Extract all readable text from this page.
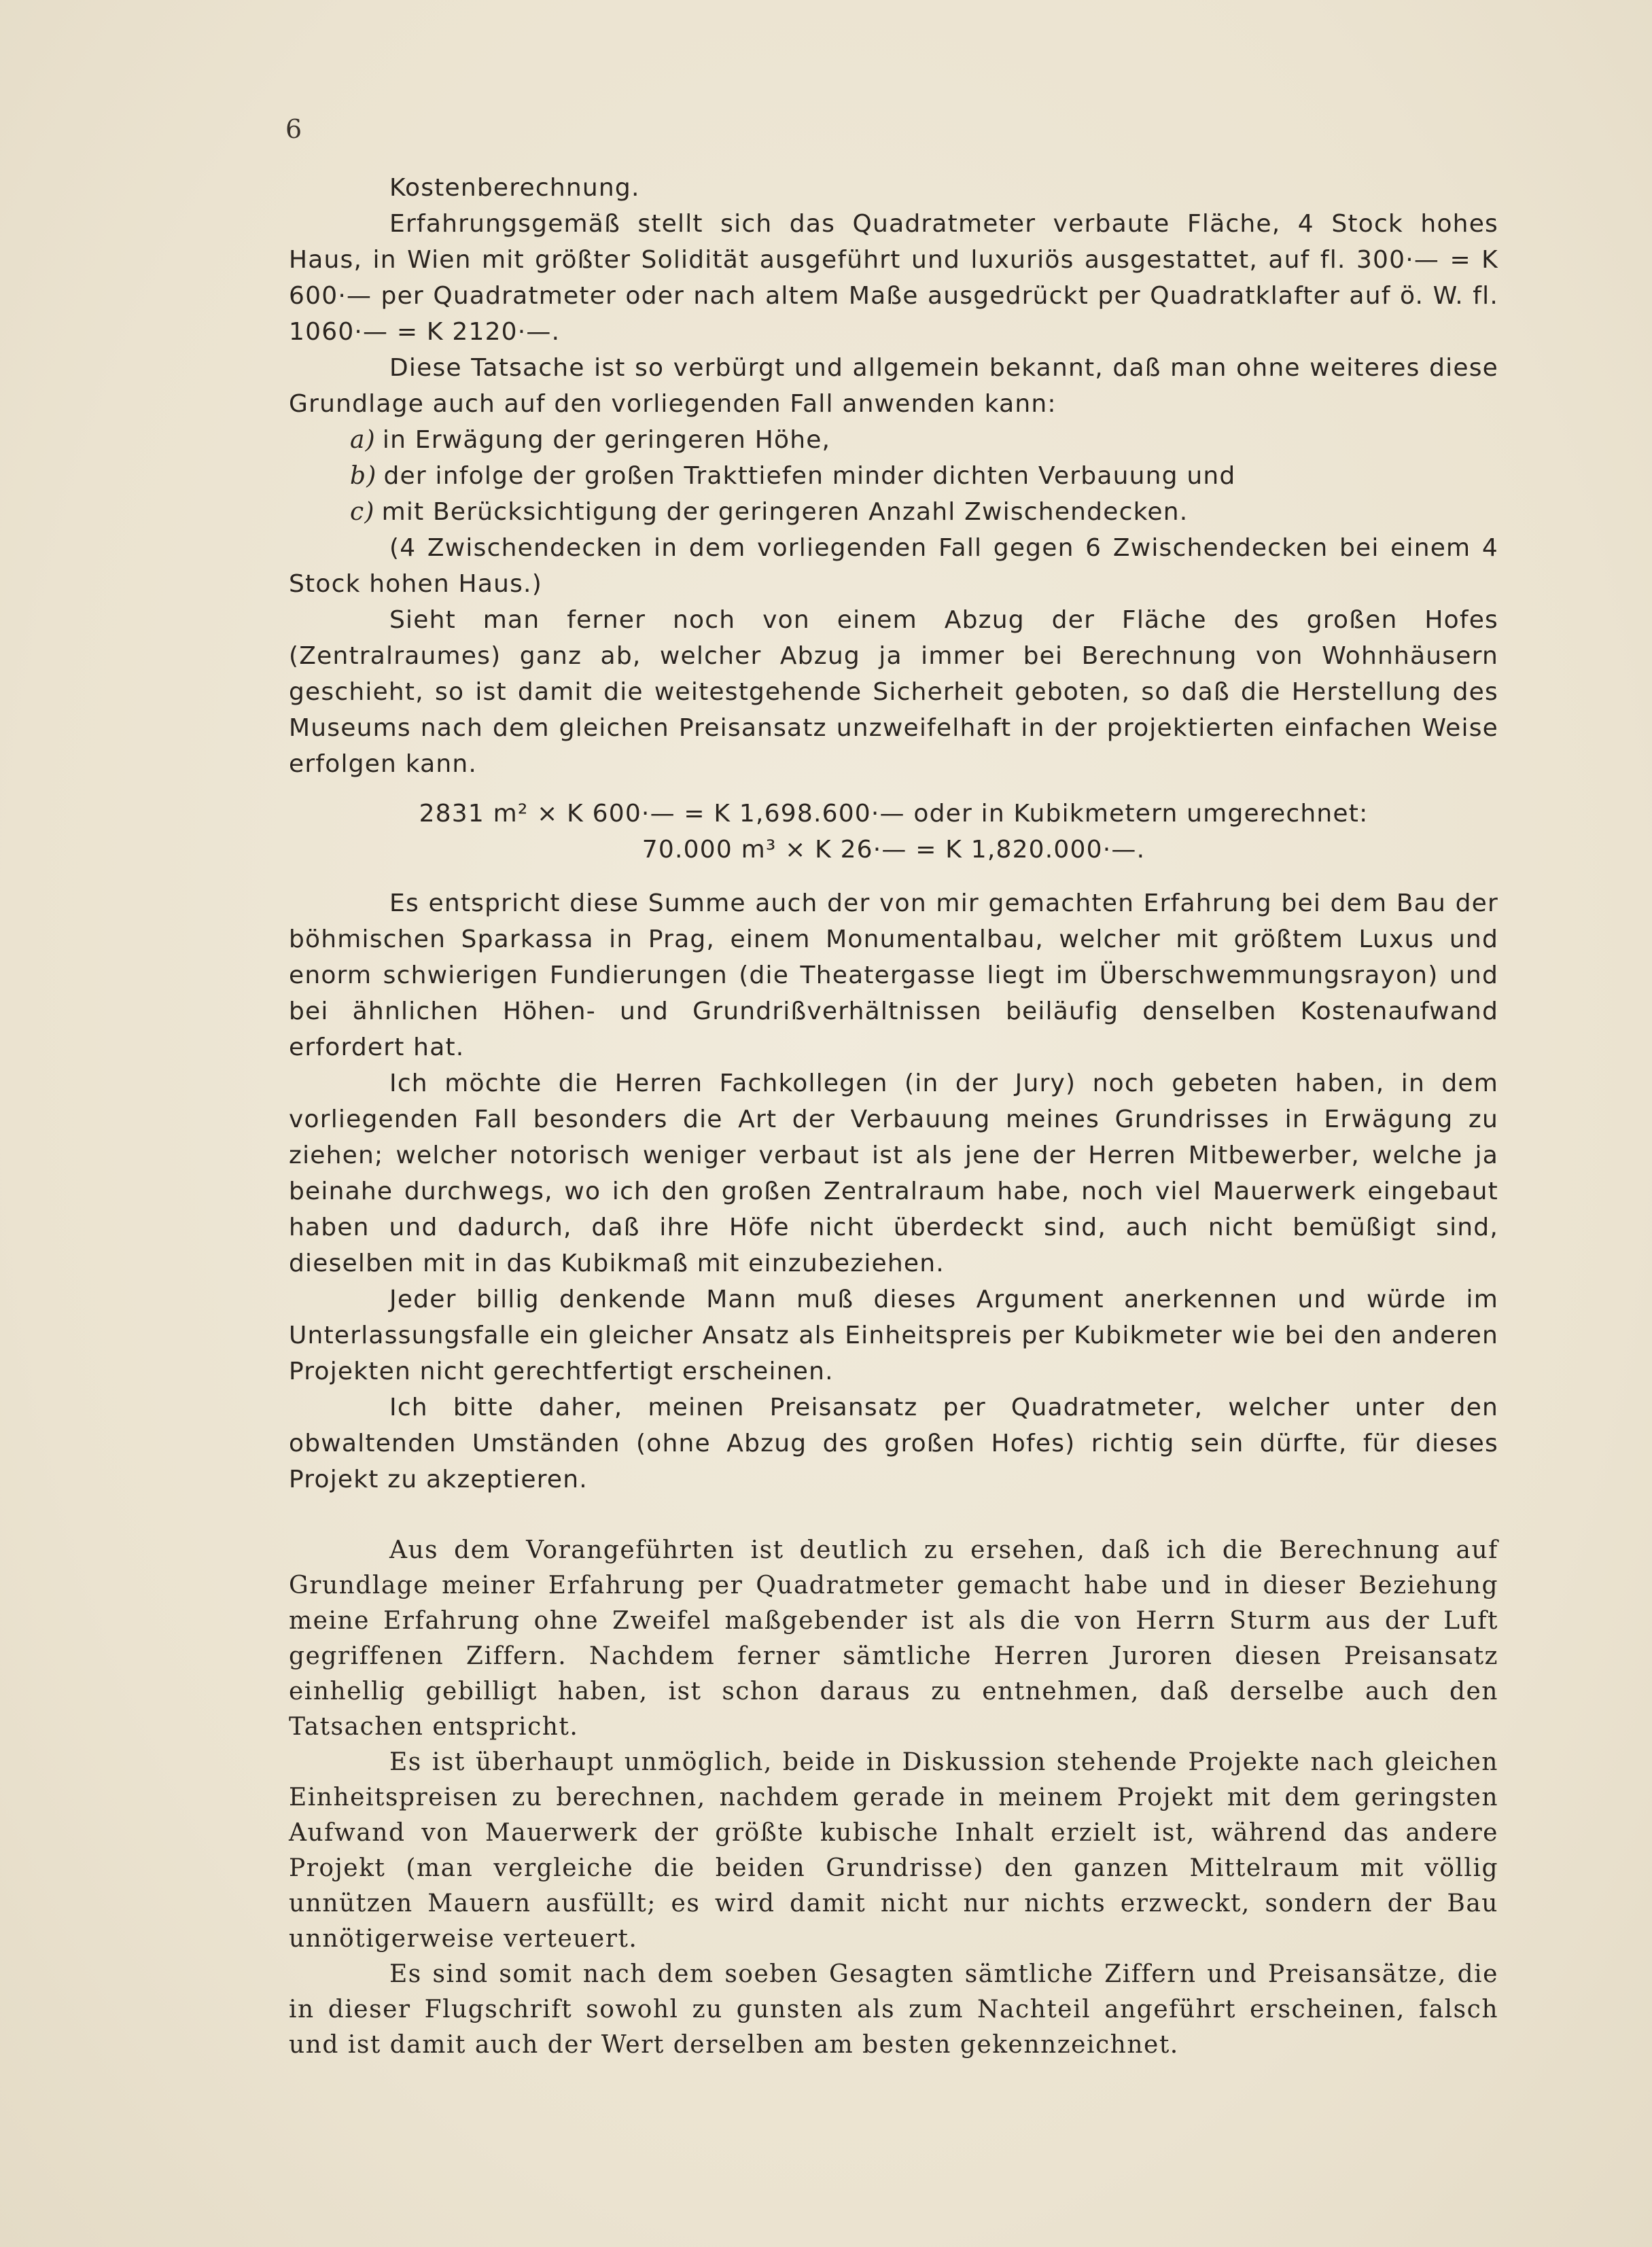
6

Kostenberechnung.

Erfahrungsgemäß stellt sich das Quadratmeter verbaute Fläche, 4 Stock hohes Haus, in Wien mit größter Solidität ausgeführt und luxuriös ausgestattet, auf fl. 300·— = K 600·— per Quadratmeter oder nach altem Maße ausgedrückt per Quadratklafter auf ö. W. fl. 1060·— = K 2120·—.

Diese Tatsache ist so verbürgt und allgemein bekannt, daß man ohne weiteres diese Grundlage auch auf den vorliegenden Fall anwenden kann:

a) in Erwägung der geringeren Höhe,

b) der infolge der großen Trakttiefen minder dichten Verbauung und

c) mit Berücksichtigung der geringeren Anzahl Zwischendecken.

(4 Zwischendecken in dem vorliegenden Fall gegen 6 Zwischendecken bei einem 4 Stock hohen Haus.)

Sieht man ferner noch von einem Abzug der Fläche des großen Hofes (Zentralraumes) ganz ab, welcher Abzug ja immer bei Berechnung von Wohnhäusern geschieht, so ist damit die weitestgehende Sicherheit geboten, so daß die Herstellung des Museums nach dem gleichen Preisansatz unzweifelhaft in der projektierten einfachen Weise erfolgen kann.

2831 m² × K 600·— = K 1,698.600·— oder in Kubikmetern umgerechnet:
70.000 m³ × K 26·— = K 1,820.000·—.

Es entspricht diese Summe auch der von mir gemachten Erfahrung bei dem Bau der böhmischen Sparkassa in Prag, einem Monumentalbau, welcher mit größtem Luxus und enorm schwierigen Fundierungen (die Theatergasse liegt im Überschwemmungsrayon) und bei ähnlichen Höhen- und Grundrißverhältnissen beiläufig denselben Kostenaufwand erfordert hat.

Ich möchte die Herren Fachkollegen (in der Jury) noch gebeten haben, in dem vorliegenden Fall besonders die Art der Verbauung meines Grundrisses in Erwägung zu ziehen; welcher notorisch weniger verbaut ist als jene der Herren Mitbewerber, welche ja beinahe durchwegs, wo ich den großen Zentralraum habe, noch viel Mauerwerk eingebaut haben und dadurch, daß ihre Höfe nicht überdeckt sind, auch nicht bemüßigt sind, dieselben mit in das Kubikmaß mit einzubeziehen.

Jeder billig denkende Mann muß dieses Argument anerkennen und würde im Unterlassungsfalle ein gleicher Ansatz als Einheitspreis per Kubikmeter wie bei den anderen Projekten nicht gerechtfertigt erscheinen.

Ich bitte daher, meinen Preisansatz per Quadratmeter, welcher unter den obwaltenden Umständen (ohne Abzug des großen Hofes) richtig sein dürfte, für dieses Projekt zu akzeptieren.

Aus dem Vorangeführten ist deutlich zu ersehen, daß ich die Berechnung auf Grundlage meiner Erfahrung per Quadratmeter gemacht habe und in dieser Beziehung meine Erfahrung ohne Zweifel maßgebender ist als die von Herrn Sturm aus der Luft gegriffenen Ziffern. Nachdem ferner sämtliche Herren Juroren diesen Preisansatz einhellig gebilligt haben, ist schon daraus zu entnehmen, daß derselbe auch den Tatsachen entspricht.

Es ist überhaupt unmöglich, beide in Diskussion stehende Projekte nach gleichen Einheitspreisen zu berechnen, nachdem gerade in meinem Projekt mit dem geringsten Aufwand von Mauerwerk der größte kubische Inhalt erzielt ist, während das andere Projekt (man vergleiche die beiden Grundrisse) den ganzen Mittelraum mit völlig unnützen Mauern ausfüllt; es wird damit nicht nur nichts erzweckt, sondern der Bau unnötigerweise verteuert.

Es sind somit nach dem soeben Gesagten sämtliche Ziffern und Preisansätze, die in dieser Flugschrift sowohl zu gunsten als zum Nachteil angeführt erscheinen, falsch und ist damit auch der Wert derselben am besten gekennzeichnet.
